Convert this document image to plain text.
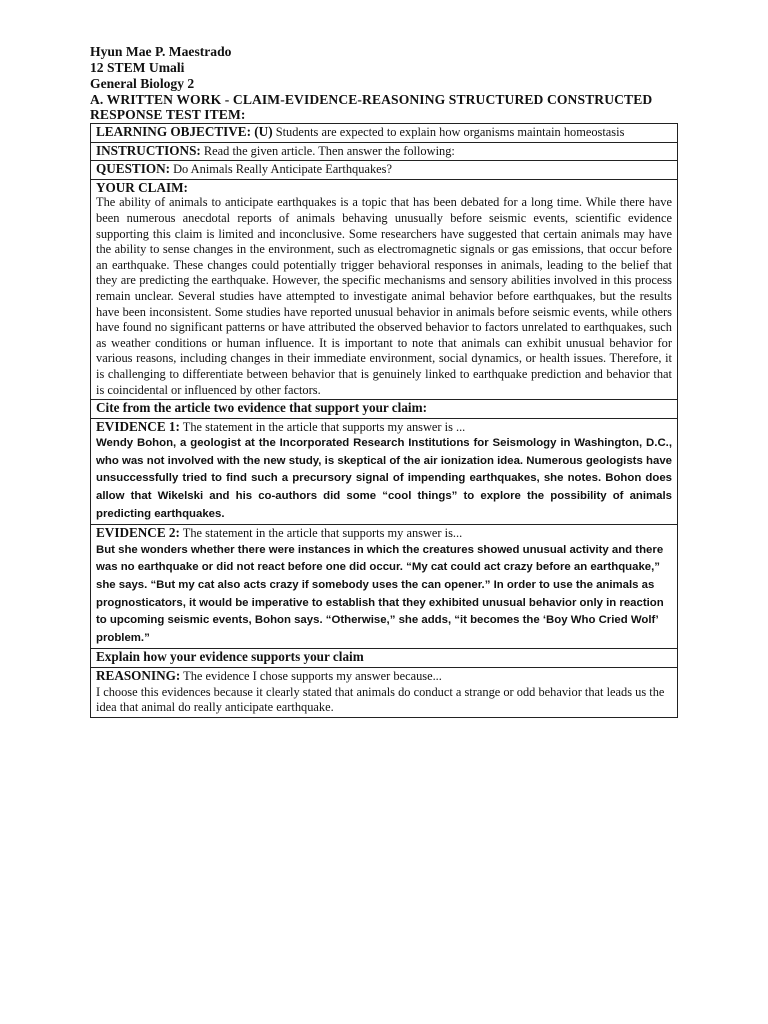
Hyun Mae P. Maestrado

12 STEM Umali

General Biology 2

A. WRITTEN WORK - CLAIM-EVIDENCE-REASONING STRUCTURED CONSTRUCTED RESPONSE TEST ITEM:

LEARNING OBJECTIVE: (U) Students are expected to explain how organisms maintain homeostasis
INSTRUCTIONS: Read the given article. Then answer the following:
QUESTION: Do Animals Really Anticipate Earthquakes?

YOUR CLAIM:
The ability of animals to anticipate earthquakes is a topic that has been debated for a long time. While there have been numerous anecdotal reports of animals behaving unusually before seismic events, scientific evidence supporting this claim is limited and inconclusive. Some researchers have suggested that certain animals may have the ability to sense changes in the environment, such as electromagnetic signals or gas emissions, that occur before an earthquake. These changes could potentially trigger behavioral responses in animals, leading to the belief that they are predicting the earthquake. However, the specific mechanisms and sensory abilities involved in this process remain unclear. Several studies have attempted to investigate animal behavior before earthquakes, but the results have been inconsistent. Some studies have reported unusual behavior in animals before seismic events, while others have found no significant patterns or have attributed the observed behavior to factors unrelated to earthquakes, such as weather conditions or human influence. It is important to note that animals can exhibit unusual behavior for various reasons, including changes in their immediate environment, social dynamics, or health issues. Therefore, it is challenging to differentiate between behavior that is genuinely linked to earthquake prediction and behavior that is coincidental or influenced by other factors.

Cite from the article two evidence that support your claim:
EVIDENCE 1: The statement in the article that supports my answer is ...
Wendy Bohon, a geologist at the Incorporated Research Institutions for Seismology in Washington, D.C., who was not involved with the new study, is skeptical of the air ionization idea. Numerous geologists have unsuccessfully tried to find such a precursory signal of impending earthquakes, she notes. Bohon does allow that Wikelski and his co-authors did some “cool things” to explore the possibility of animals predicting earthquakes.

EVIDENCE 2: The statement in the article that supports my answer is...
But she wonders whether there were instances in which the creatures showed unusual activity and there was no earthquake or did not react before one did occur. “My cat could act crazy before an earthquake,” she says. “But my cat also acts crazy if somebody uses the can opener.” In order to use the animals as prognosticators, it would be imperative to establish that they exhibited unusual behavior only in reaction to upcoming seismic events, Bohon says. “Otherwise,” she adds, “it becomes the ‘Boy Who Cried Wolf’ problem.”

Explain how your evidence supports your claim
REASONING: The evidence I chose supports my answer because...
I choose this evidences because it clearly stated that animals do conduct a strange or odd behavior that leads us the idea that animal do really anticipate earthquake.
